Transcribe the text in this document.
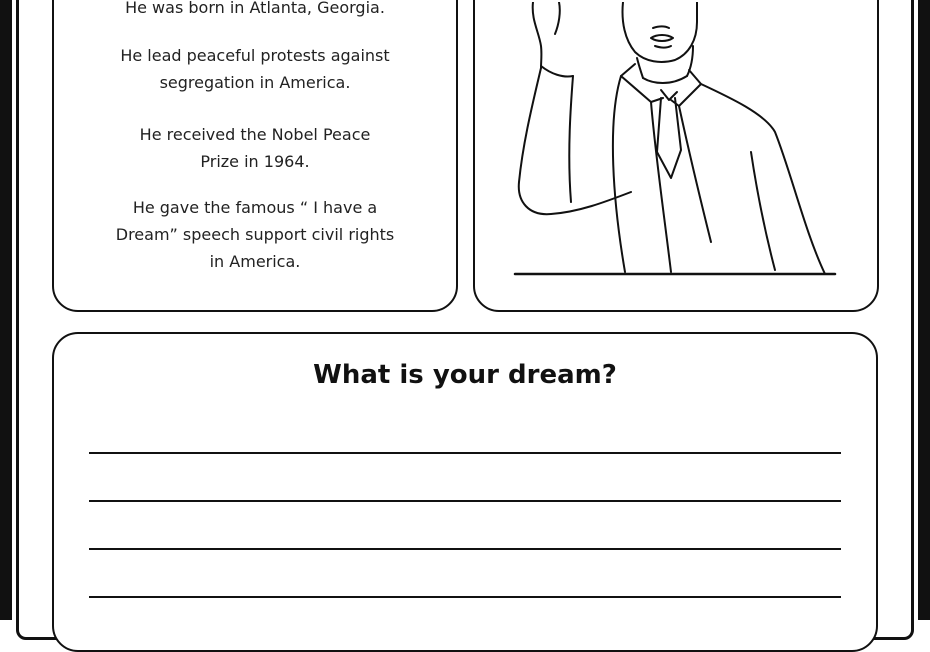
He was born in Atlanta, Georgia.
He lead peaceful protests against
segregation in America.
He received the Nobel Peace
Prize in 1964.
He gave the famous “ I have a
Dream” speech support civil rights
in America.
What is your dream?
